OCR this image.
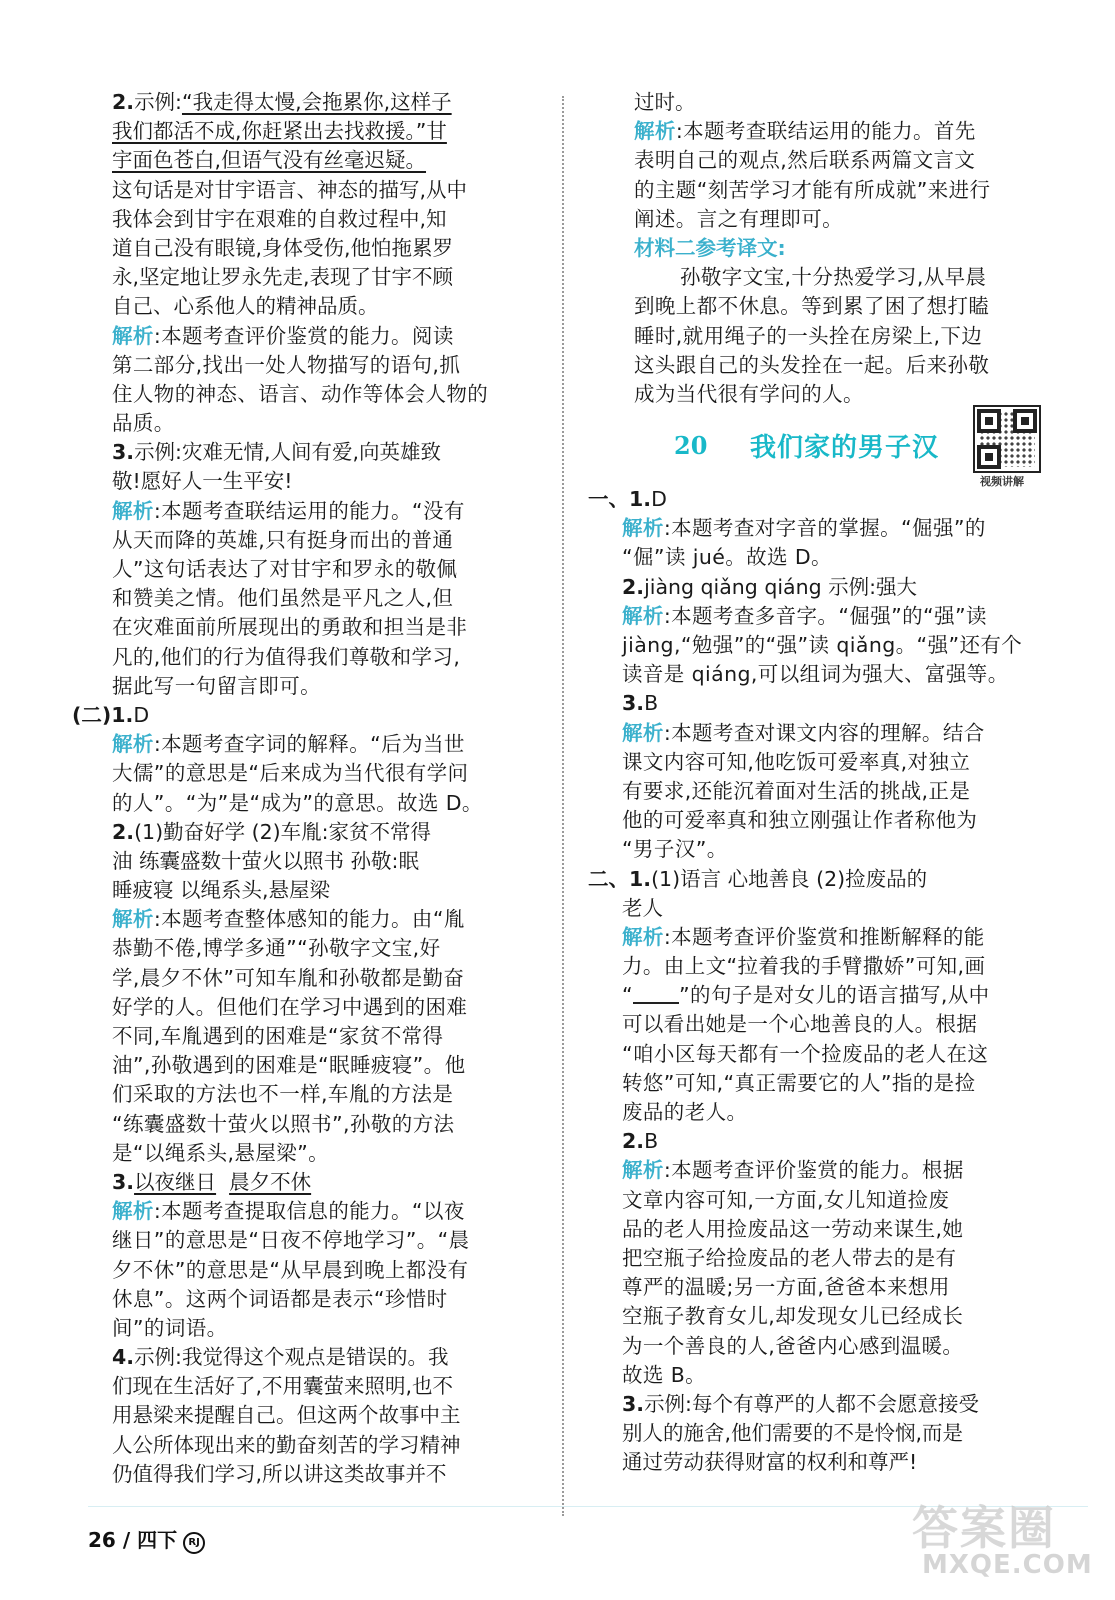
2.示例:“我走得太慢,会拖累你,这样子
我们都活不成,你赶紧出去找救援。”甘
宇面色苍白,但语气没有丝毫迟疑。
这句话是对甘宇语言、神态的描写,从中
我体会到甘宇在艰难的自救过程中,知
道自己没有眼镜,身体受伤,他怕拖累罗
永,坚定地让罗永先走,表现了甘宇不顾
自己、心系他人的精神品质。
解析:本题考查评价鉴赏的能力。阅读
第二部分,找出一处人物描写的语句,抓
住人物的神态、语言、动作等体会人物的
品质。
3.示例:灾难无情,人间有爱,向英雄致
敬!愿好人一生平安!
解析:本题考查联结运用的能力。“没有
从天而降的英雄,只有挺身而出的普通
人”这句话表达了对甘宇和罗永的敬佩
和赞美之情。他们虽然是平凡之人,但
在灾难面前所展现出的勇敢和担当是非
凡的,他们的行为值得我们尊敬和学习,
据此写一句留言即可。
(二)1.D
解析:本题考查字词的解释。“后为当世
大儒”的意思是“后来成为当代很有学问
的人”。“为”是“成为”的意思。故选 D。
2.(1)勤奋好学 (2)车胤:家贫不常得
油 练囊盛数十萤火以照书 孙敬:眠
睡疲寝 以绳系头,悬屋梁
解析:本题考查整体感知的能力。由“胤
恭勤不倦,博学多通”“孙敬字文宝,好
学,晨夕不休”可知车胤和孙敬都是勤奋
好学的人。但他们在学习中遇到的困难
不同,车胤遇到的困难是“家贫不常得
油”,孙敬遇到的困难是“眠睡疲寝”。他
们采取的方法也不一样,车胤的方法是
“练囊盛数十萤火以照书”,孙敬的方法
是“以绳系头,悬屋梁”。
3.以夜继日 晨夕不休
解析:本题考查提取信息的能力。“以夜
继日”的意思是“日夜不停地学习”。“晨
夕不休”的意思是“从早晨到晚上都没有
休息”。这两个词语都是表示“珍惜时
间”的词语。
4.示例:我觉得这个观点是错误的。我
们现在生活好了,不用囊萤来照明,也不
用悬梁来提醒自己。但这两个故事中主
人公所体现出来的勤奋刻苦的学习精神
仍值得我们学习,所以讲这类故事并不
过时。
解析:本题考查联结运用的能力。首先
表明自己的观点,然后联系两篇文言文
的主题“刻苦学习才能有所成就”来进行
阐述。言之有理即可。
材料二参考译文:
孙敬字文宝,十分热爱学习,从早晨
到晚上都不休息。等到累了困了想打瞌
睡时,就用绳子的一头拴在房梁上,下边
这头跟自己的头发拴在一起。后来孙敬
成为当代很有学问的人。
20 我们家的男子汉
视频讲解
一、1.D
解析:本题考查对字音的掌握。“倔强”的
“倔”读 jué。故选 D。
2.jiàng qiǎng qiáng 示例:强大
解析:本题考查多音字。“倔强”的“强”读
jiàng,“勉强”的“强”读 qiǎng。“强”还有个
读音是 qiáng,可以组词为强大、富强等。
3.B
解析:本题考查对课文内容的理解。结合
课文内容可知,他吃饭可爱率真,对独立
有要求,还能沉着面对生活的挑战,正是
他的可爱率真和独立刚强让作者称他为
“男子汉”。
二、1.(1)语言 心地善良 (2)捡废品的
老人
解析:本题考查评价鉴赏和推断解释的能
力。由上文“拉着我的手臂撒娇”可知,画
“ ”的句子是对女儿的语言描写,从中
可以看出她是一个心地善良的人。根据
“咱小区每天都有一个捡废品的老人在这
转悠”可知,“真正需要它的人”指的是捡
废品的老人。
2.B
解析:本题考查评价鉴赏的能力。根据
文章内容可知,一方面,女儿知道捡废
品的老人用捡废品这一劳动来谋生,她
把空瓶子给捡废品的老人带去的是有
尊严的温暖;另一方面,爸爸本来想用
空瓶子教育女儿,却发现女儿已经成长
为一个善良的人,爸爸内心感到温暖。
故选 B。
3.示例:每个有尊严的人都不会愿意接受
别人的施舍,他们需要的不是怜悯,而是
通过劳动获得财富的权利和尊严!
26 / 四下 RJ	答案圈
MXQE.COM
